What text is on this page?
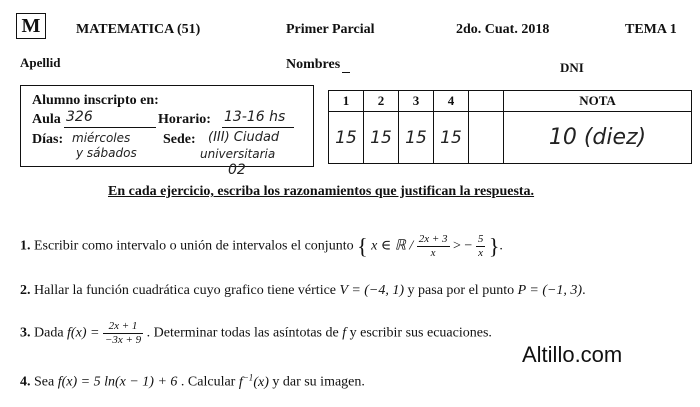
M	MATEMATICA (51)	Primer Parcial	2do. Cuat. 2018	TEMA 1
Apellid	Nombres	DNI
Alumno inscripto en:
Aula 326	Horario: 13-16 hs
Días: miércoles
y sábados
Sede: (III) Ciudad
universitaria
02
1	2	3	4		NOTA
15	15	15	15		10 (diez)
En cada ejercicio, escriba los razonamientos que justifican la respuesta.
1. Escribir como intervalo o unión de intervalos el conjunto { x ∈ ℝ / $\frac{2x + 3}{x}$ > − $\frac{5}{x}$ }.
2. Hallar la función cuadrática cuyo grafico tiene vértice V = (−4, 1) y pasa por el punto P = (−1, 3).
3. Dada $f(x) = \frac{2x + 1}{-3x + 9}$ . Determinar todas las asíntotas de f y escribir sus ecuaciones.
Altillo.com
4. Sea f(x) = 5 ln(x − 1) + 6 . Calcular $f^{-1}(x)$ y dar su imagen.
